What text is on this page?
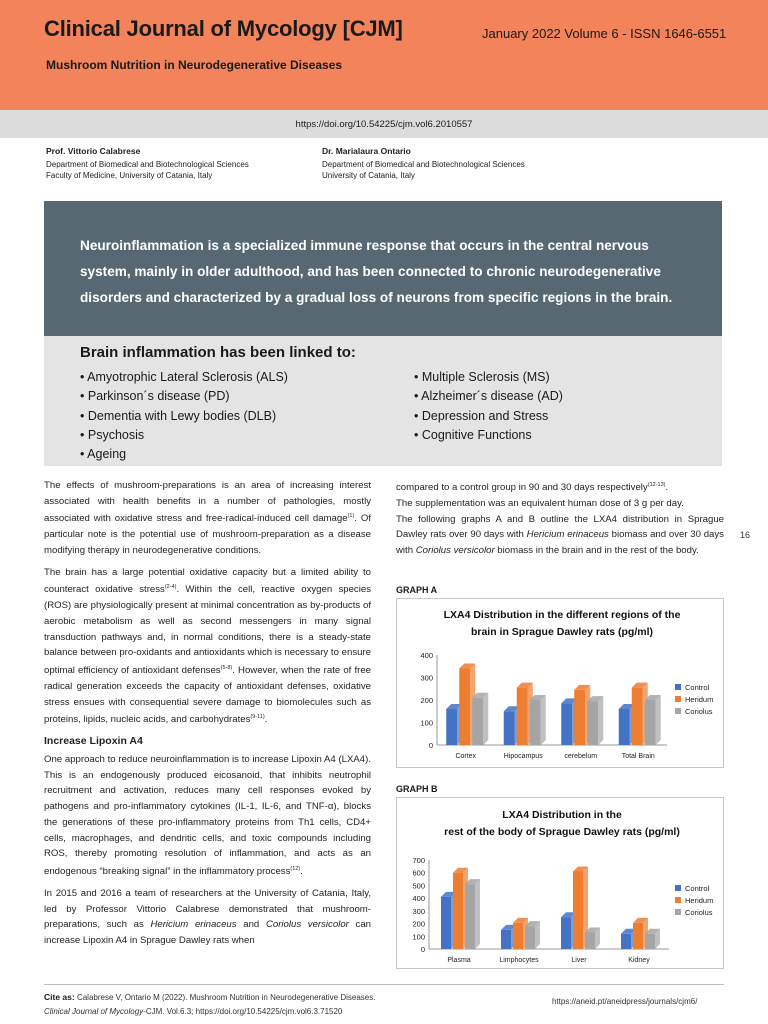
Clinical Journal of Mycology [CJM]	January 2022 Volume 6 - ISSN 1646-6551
Mushroom Nutrition in Neurodegenerative Diseases
https://doi.org/10.54225/cjm.vol6.2010557
Prof. Vittorio Calabrese
Department of Biomedical and Biotechnological Sciences
Faculty of Medicine, University of Catania, Italy
Dr. Marialaura Ontario
Department of Biomedical and Biotechnological Sciences
University of Catania, Italy
Neuroinflammation is a specialized immune response that occurs in the central nervous system, mainly in older adulthood, and has been connected to chronic neurodegenerative disorders and characterized by a gradual loss of neurons from specific regions in the brain.
Brain inflammation has been linked to:
• Amyotrophic Lateral Sclerosis (ALS)
• Parkinson´s disease (PD)
• Dementia with Lewy bodies (DLB)
• Psychosis
• Ageing
• Multiple Sclerosis (MS)
• Alzheimer´s disease (AD)
• Depression and Stress
• Cognitive Functions

The effects of mushroom-preparations is an area of increasing interest associated with health benefits in a number of pathologies, mostly associated with oxidative stress and free-radical-induced cell damage$^{(1)}$. Of particular note is the potential use of mushroom-preparation as a disease modifying therapy in neurodegenerative conditions.

The brain has a large potential oxidative capacity but a limited ability to counteract oxidative stress$^{(2-4)}$. Within the cell, reactive oxygen species (ROS) are physiologically present at minimal concentration as by-products of aerobic metabolism as well as second messengers in many signal transduction pathways and, in normal conditions, there is a steady-state balance between pro-oxidants and antioxidants which is necessary to ensure optimal efficiency of antioxidant defenses$^{(5-8)}$. However, when the rate of free radical generation exceeds the capacity of antioxidant defenses, oxidative stress ensues with consequential severe damage to biomolecules such as proteins, lipids, nucleic acids, and carbohydrates$^{(9-11)}$.

Increase Lipoxin A4

One approach to reduce neuroinflammation is to increase Lipoxin A4 (LXA4). This is an endogenously produced eicosanoid, that inhibits neutrophil recruitment and activation, reduces many cell responses evoked by pathogens and pro-inflammatory cytokines (IL-1, IL-6, and TNF-α), blocks the generations of these pro-inflammatory proteins from Th1 cells, CD4+ cells, macrophages, and dendritic cells, and toxic compounds including ROS, thereby promoting resolution of inflammation, and acts as an endogenous “breaking signal” in the inflammatory process$^{(12)}$.

In 2015 and 2016 a team of researchers at the University of Catania, Italy, led by Professor Vittorio Calabrese demonstrated that mushroom-preparations, such as Hericium erinaceus and Coriolus versicolor can increase Lipoxin A4 in Sprague Dawley rats when

compared to a control group in 90 and 30 days respectively$^{(12-13)}$.

The supplementation was an equivalent human dose of 3 g per day.

The following graphs A and B outline the LXA4 distribution in Sprague Dawley rats over 90 days with Hericium erinaceus biomass and over 30 days with Coriolus versicolor biomass in the brain and in the rest of the body.

16
GRAPH A
LXA4 Distribution in the different regions of the
brain in Sprague Dawley rats (pg/ml)
0
100
200
300
400
Cortex	Hipocampus	cerebelum	Total Brain
Control
Heridum
Coriolus
GRAPH B
LXA4 Distribution in the
rest of the body of Sprague Dawley rats (pg/ml)
0
100
200
300
400
500
600
700
Plasma	Limphocytes	Liver	Kidney
Control
Heridum
Coriolus
Cite as: Calabrese V, Ontario M (2022). Mushroom Nutrition in Neurodegenerative Diseases.
Clinical Journal of Mycology-CJM. Vol.6.3; https://doi.org/10.54225/cjm.vol6.3.71520
https://aneid.pt/aneidpress/journals/cjm6/
